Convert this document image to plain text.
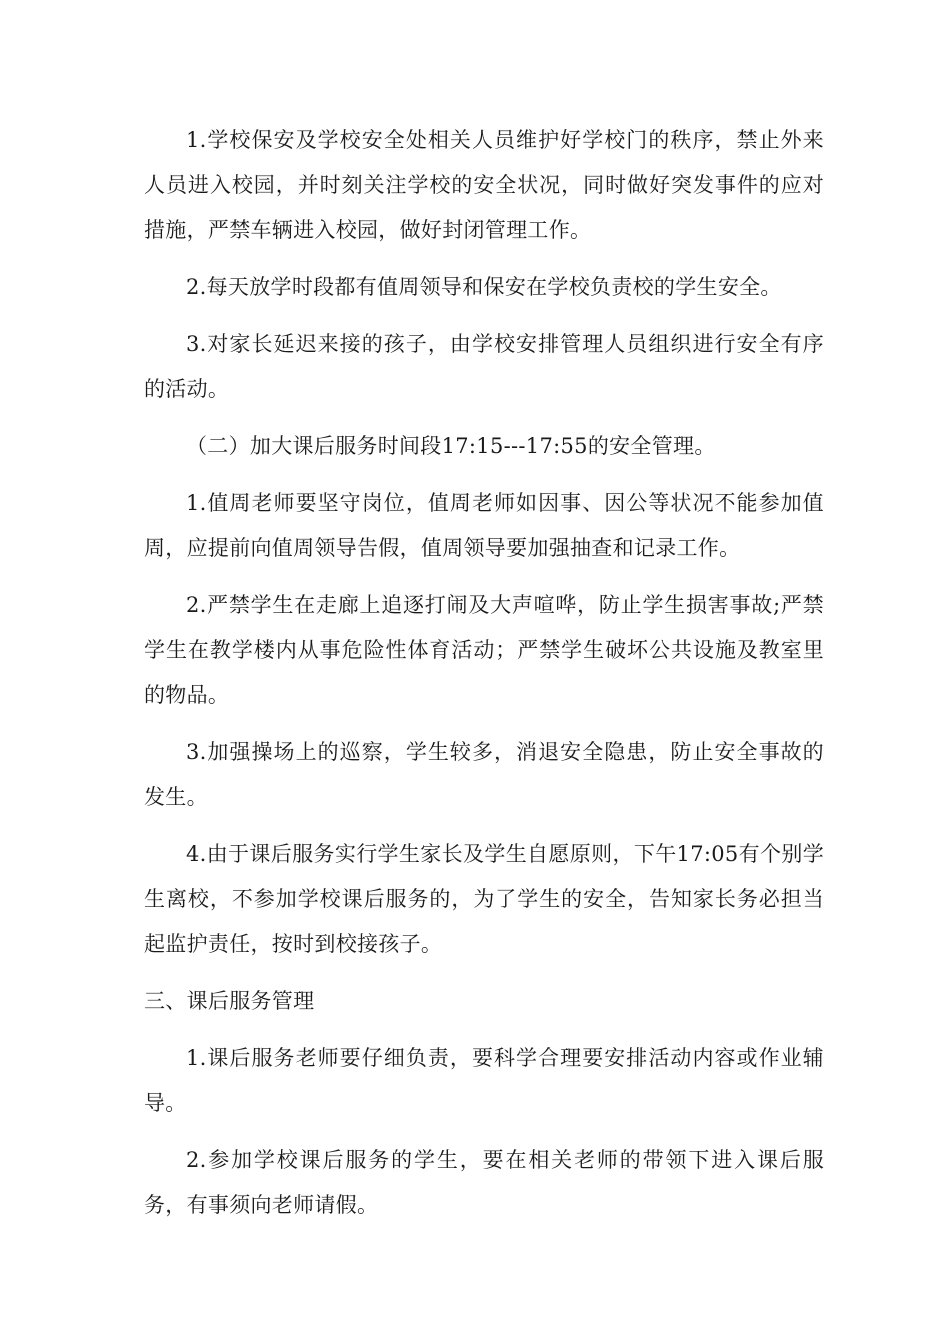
1.学校保安及学校安全处相关人员维护好学校门的秩序，禁止外来人员进入校园，并时刻关注学校的安全状况，同时做好突发事件的应对措施，严禁车辆进入校园，做好封闭管理工作。

2.每天放学时段都有值周领导和保安在学校负责校的学生安全。

3.对家长延迟来接的孩子，由学校安排管理人员组织进行安全有序的活动。

（二）加大课后服务时间段17:15---17:55的安全管理。

1.值周老师要坚守岗位，值周老师如因事、因公等状况不能参加值周，应提前向值周领导告假，值周领导要加强抽查和记录工作。

2.严禁学生在走廊上追逐打闹及大声喧哗，防止学生损害事故;严禁学生在教学楼内从事危险性体育活动；严禁学生破坏公共设施及教室里的物品。

3.加强操场上的巡察，学生较多，消退安全隐患，防止安全事故的发生。

4.由于课后服务实行学生家长及学生自愿原则，下午17:05有个别学生离校，不参加学校课后服务的，为了学生的安全，告知家长务必担当起监护责任，按时到校接孩子。

三、课后服务管理

1.课后服务老师要仔细负责，要科学合理要安排活动内容或作业辅导。

2.参加学校课后服务的学生，要在相关老师的带领下进入课后服务，有事须向老师请假。
